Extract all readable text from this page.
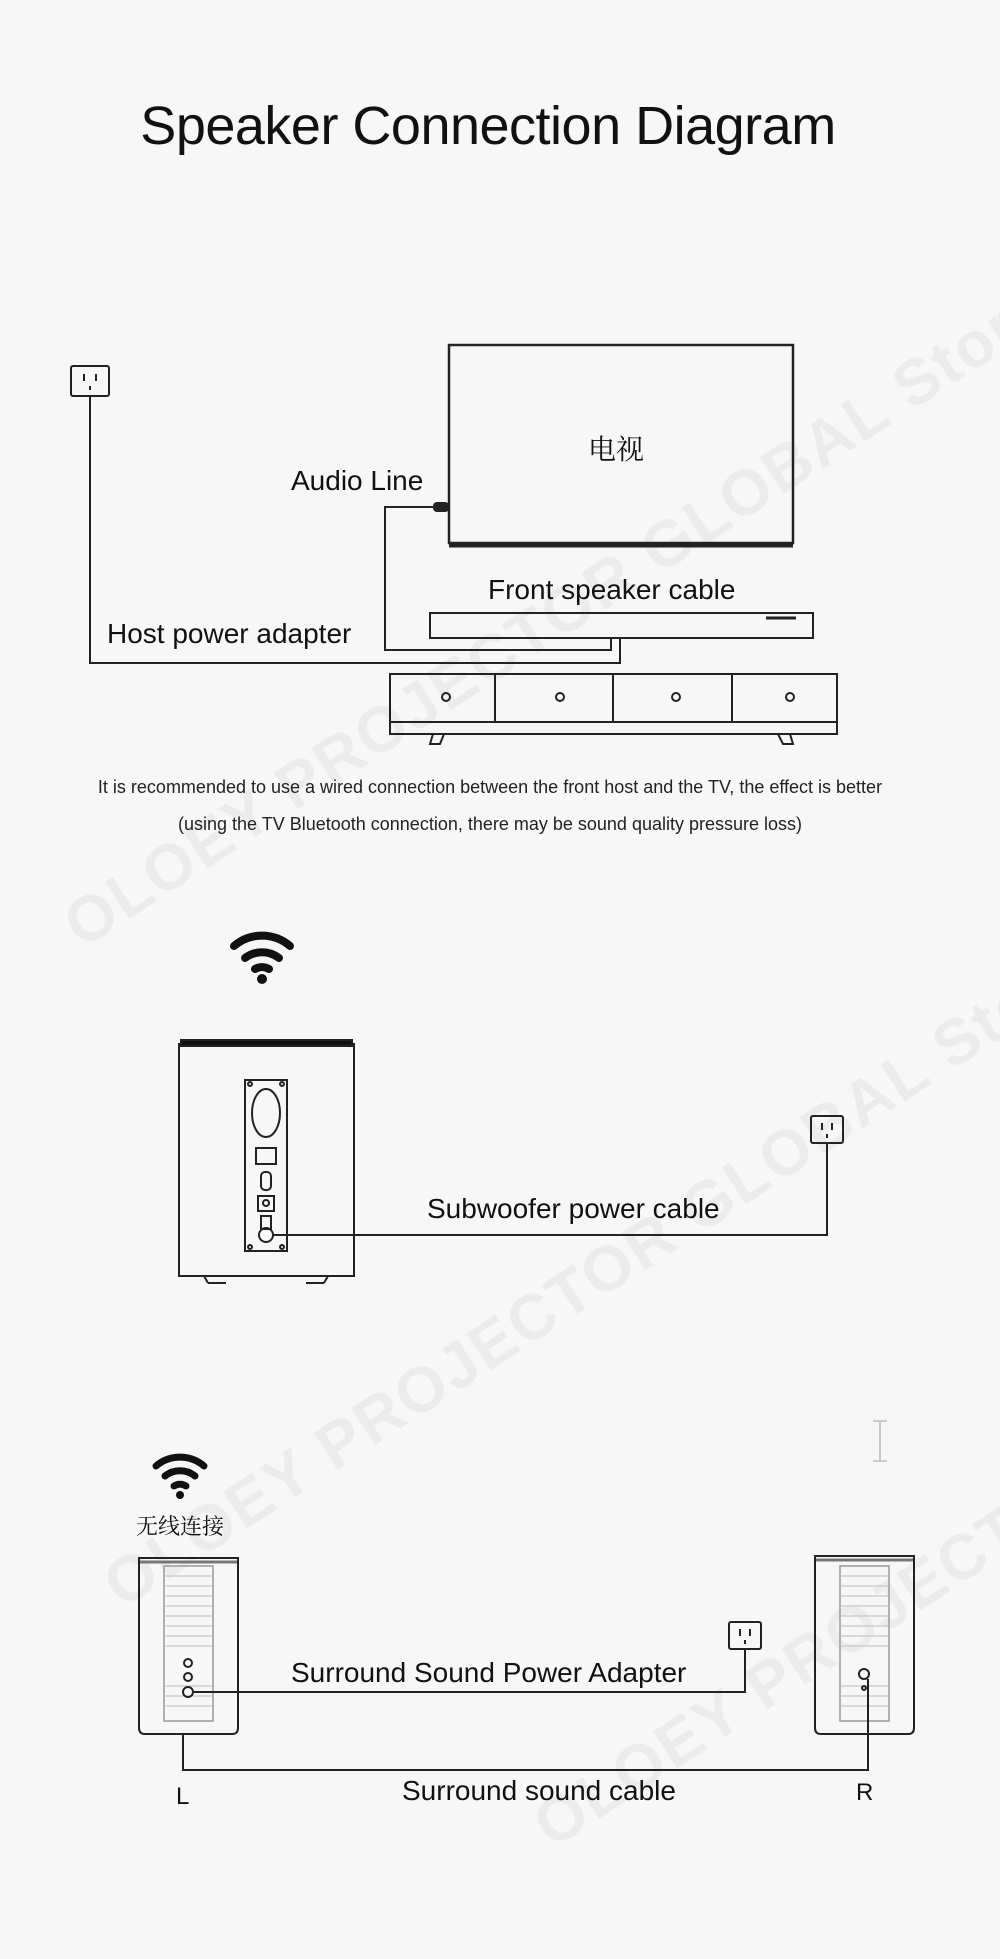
Speaker Connection Diagram
电视
Audio Line
Front speaker cable
Host power adapter
It is recommended to use a wired connection between the front host and the TV, the effect is better
(using the TV Bluetooth connection, there may be sound quality pressure loss)
Subwoofer power cable
无线连接
Surround Sound Power Adapter
Surround sound cable
L	R
